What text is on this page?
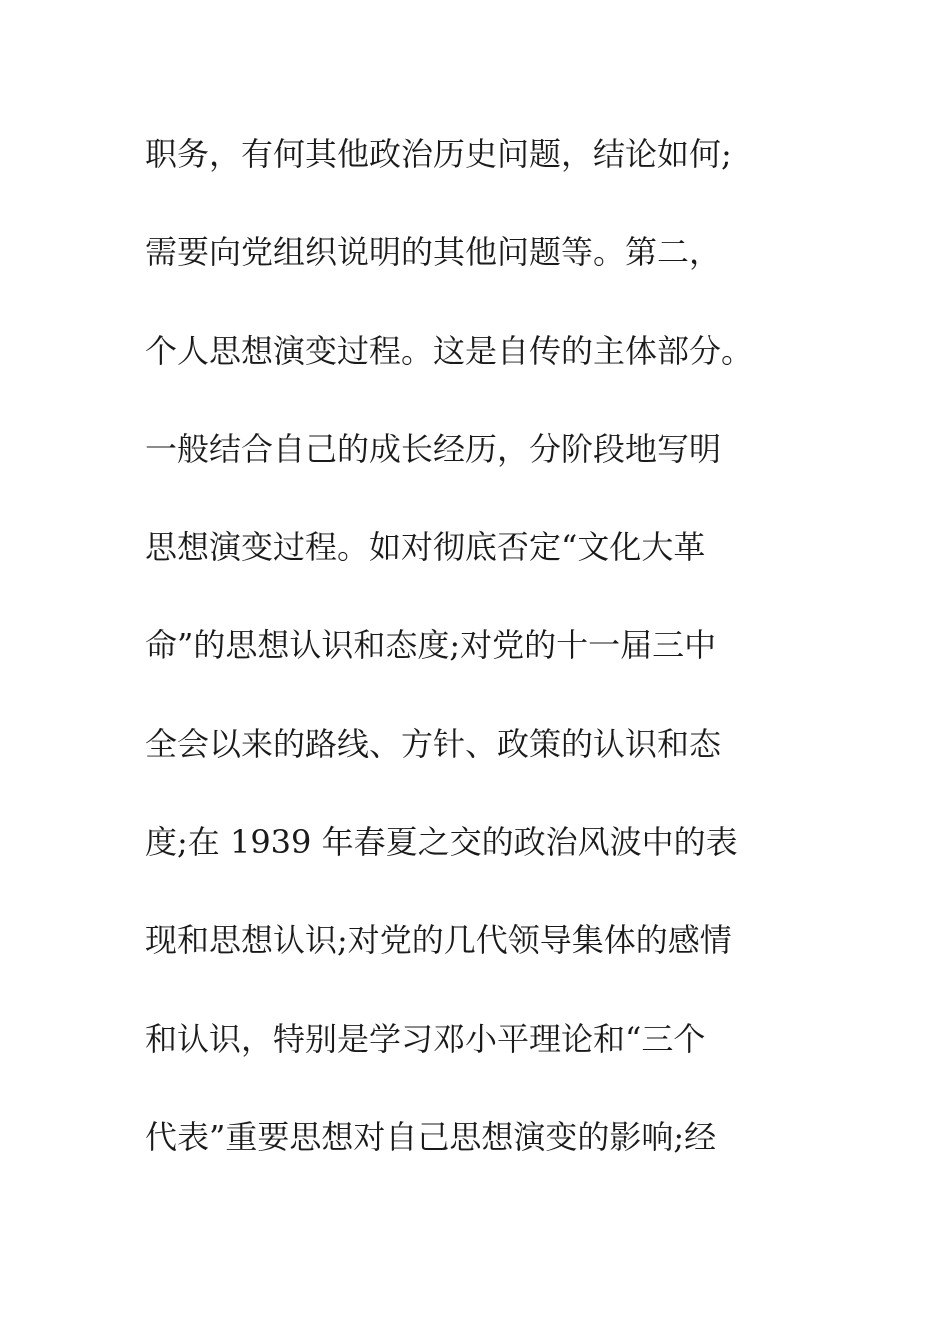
职务，有何其他政治历史问题，结论如何;
需要向党组织说明的其他问题等。第二，
个人思想演变过程。这是自传的主体部分。
一般结合自己的成长经历，分阶段地写明
思想演变过程。如对彻底否定“文化大革
命”的思想认识和态度;对党的十一届三中
全会以来的路线、方针、政策的认识和态
度;在 1939 年春夏之交的政治风波中的表
现和思想认识;对党的几代领导集体的感情
和认识，特别是学习邓小平理论和“三个
代表”重要思想对自己思想演变的影响;经
